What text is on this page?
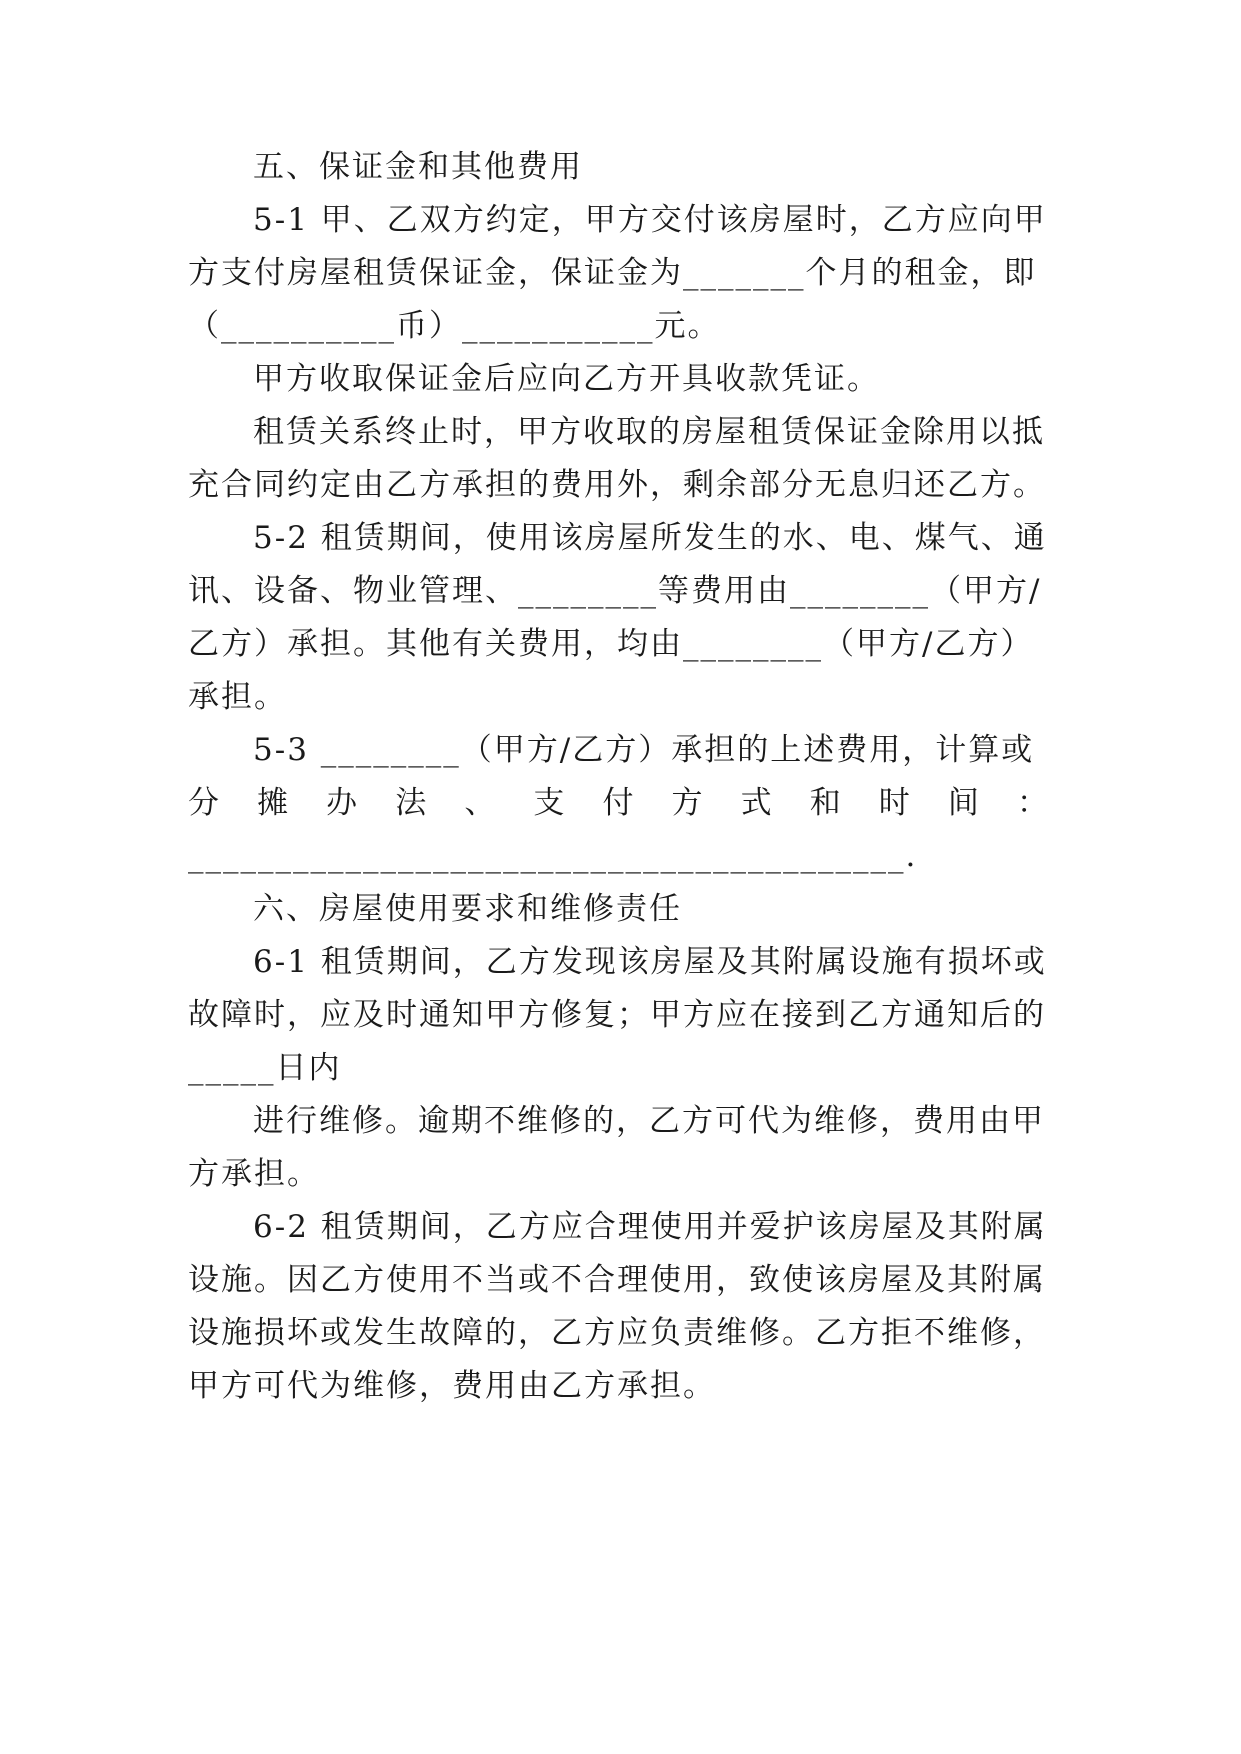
五、保证金和其他费用
5-1 甲、乙双方约定，甲方交付该房屋时，乙方应向甲
方支付房屋租赁保证金，保证金为_______个月的租金，即
（__________币）___________元。
甲方收取保证金后应向乙方开具收款凭证。
租赁关系终止时，甲方收取的房屋租赁保证金除用以抵
充合同约定由乙方承担的费用外，剩余部分无息归还乙方。
5-2 租赁期间，使用该房屋所发生的水、电、煤气、通
讯、设备、物业管理、________等费用由________（甲方/
乙方）承担。其他有关费用，均由________（甲方/乙方）
承担。
5-3 ________（甲方/乙方）承担的上述费用，计算或
分 摊 办 法 、 支 付 方 式 和 时 间 ：
_________________________________________.
六、房屋使用要求和维修责任
6-1 租赁期间，乙方发现该房屋及其附属设施有损坏或
故障时，应及时通知甲方修复；甲方应在接到乙方通知后的
_____日内
进行维修。逾期不维修的，乙方可代为维修，费用由甲
方承担。
6-2 租赁期间，乙方应合理使用并爱护该房屋及其附属
设施。因乙方使用不当或不合理使用，致使该房屋及其附属
设施损坏或发生故障的，乙方应负责维修。乙方拒不维修，
甲方可代为维修，费用由乙方承担。
